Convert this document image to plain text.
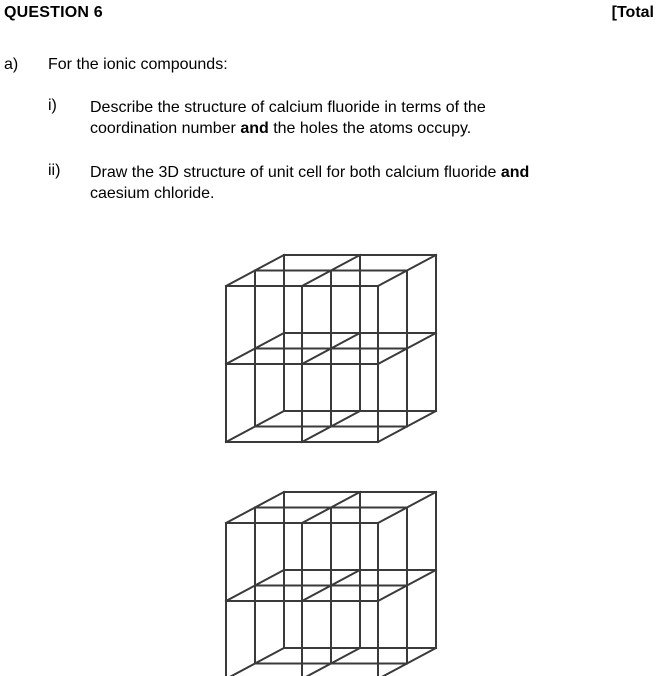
QUESTION 6	[Total
a) For the ionic compounds:
i) Describe the structure of calcium fluoride in terms of the
coordination number and the holes the atoms occupy.
ii) Draw the 3D structure of unit cell for both calcium fluoride and
caesium chloride.
